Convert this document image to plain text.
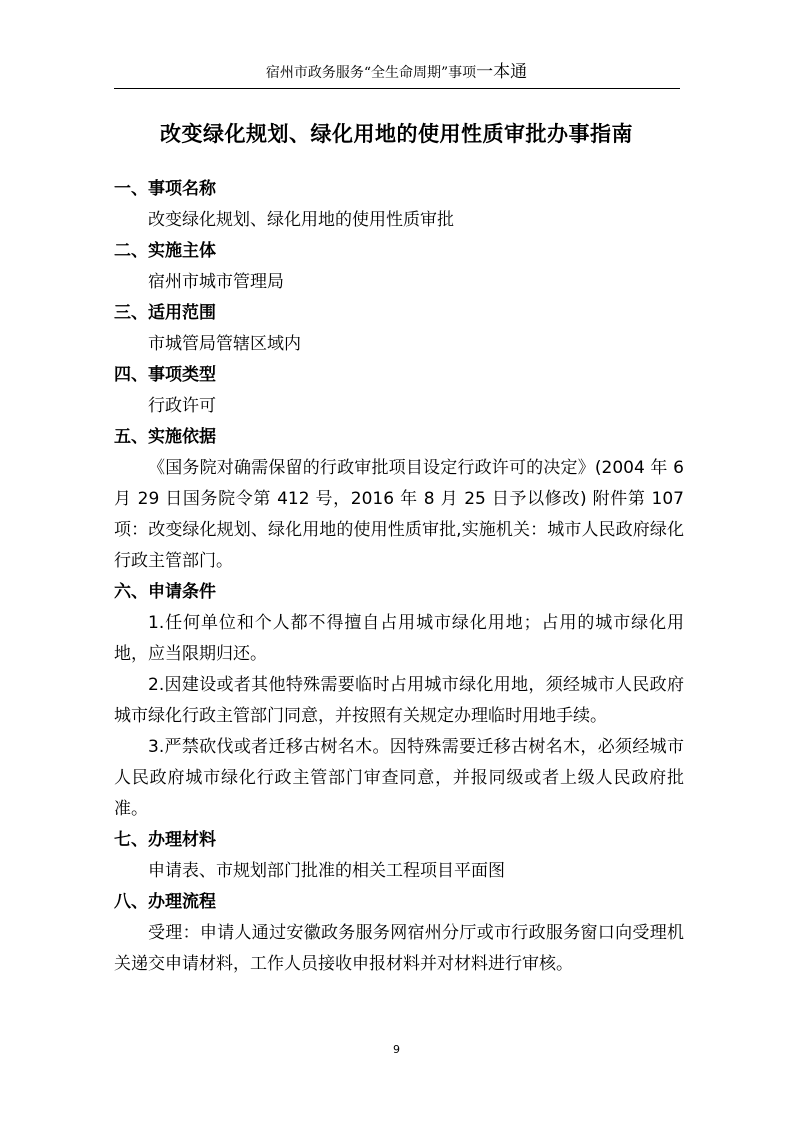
宿州市政务服务“全生命周期”事项一本通
改变绿化规划、绿化用地的使用性质审批办事指南
一、事项名称
改变绿化规划、绿化用地的使用性质审批
二、实施主体
宿州市城市管理局
三、适用范围
市城管局管辖区域内
四、事项类型
行政许可
五、实施依据
《国务院对确需保留的行政审批项目设定行政许可的决定》(2004 年 6 月 29 日国务院令第 412 号，2016 年 8 月 25 日予以修改) 附件第 107 项：改变绿化规划、绿化用地的使用性质审批,实施机关：城市人民政府绿化行政主管部门。
六、申请条件
1.任何单位和个人都不得擅自占用城市绿化用地；占用的城市绿化用地，应当限期归还。
2.因建设或者其他特殊需要临时占用城市绿化用地，须经城市人民政府城市绿化行政主管部门同意，并按照有关规定办理临时用地手续。
3.严禁砍伐或者迁移古树名木。因特殊需要迁移古树名木，必须经城市人民政府城市绿化行政主管部门审查同意，并报同级或者上级人民政府批准。
七、办理材料
申请表、市规划部门批准的相关工程项目平面图
八、办理流程
受理：申请人通过安徽政务服务网宿州分厅或市行政服务窗口向受理机关递交申请材料，工作人员接收申报材料并对材料进行审核。
9
